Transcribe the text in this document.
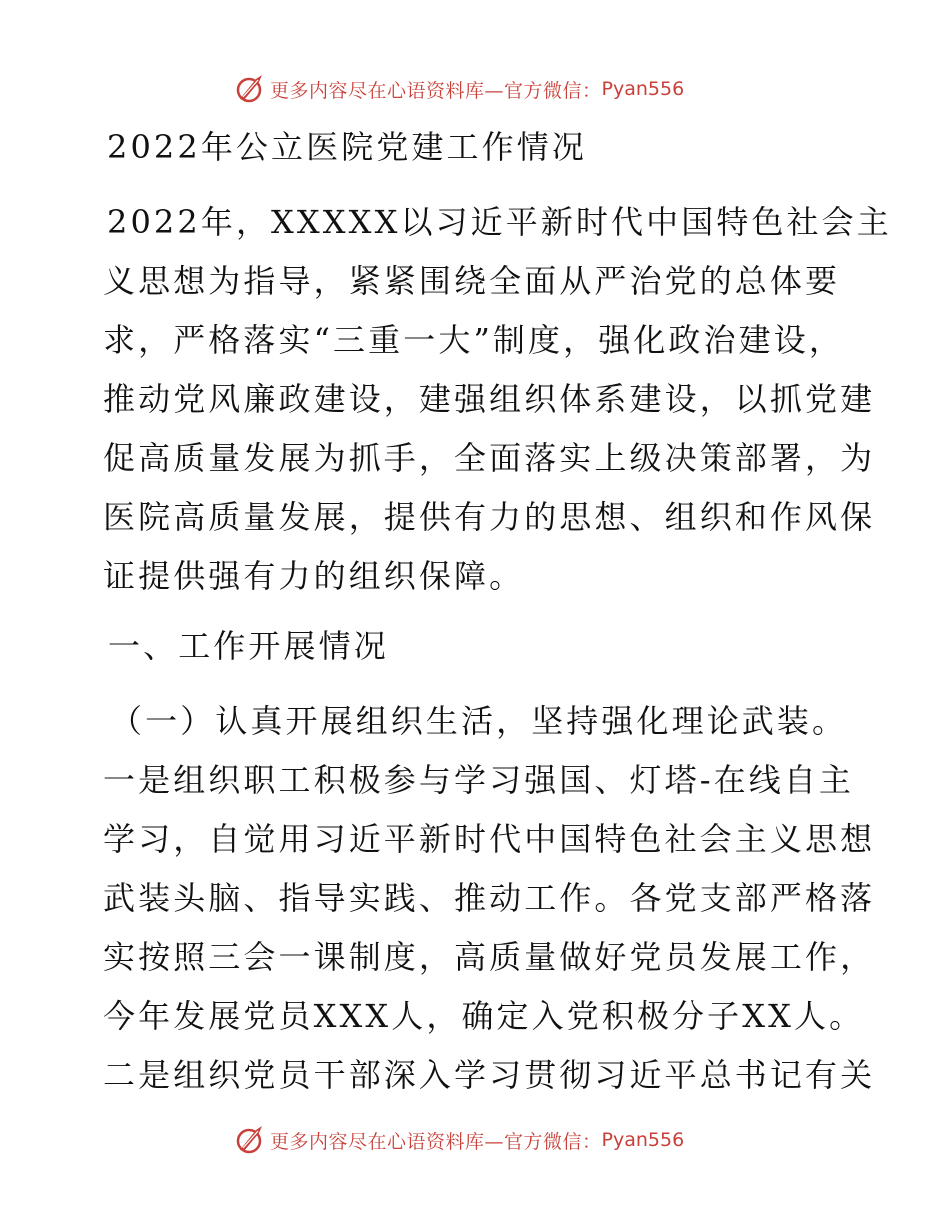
更多内容尽在心语资料库—官方微信： Pyan556
2022年公立医院党建工作情况
2022年，XXXXX以习近平新时代中国特色社会主
义思想为指导，紧紧围绕全面从严治党的总体要
求，严格落实“三重一大”制度，强化政治建设，
推动党风廉政建设，建强组织体系建设，以抓党建
促高质量发展为抓手，全面落实上级决策部署，为
医院高质量发展，提供有力的思想、组织和作风保
证提供强有力的组织保障。
一、工作开展情况
（一）认真开展组织生活，坚持强化理论武装。
一是组织职工积极参与学习强国、灯塔-在线自主
学习，自觉用习近平新时代中国特色社会主义思想
武装头脑、指导实践、推动工作。各党支部严格落
实按照三会一课制度，高质量做好党员发展工作，
今年发展党员XXX人，确定入党积极分子XX人。
二是组织党员干部深入学习贯彻习近平总书记有关
更多内容尽在心语资料库—官方微信： Pyan556
